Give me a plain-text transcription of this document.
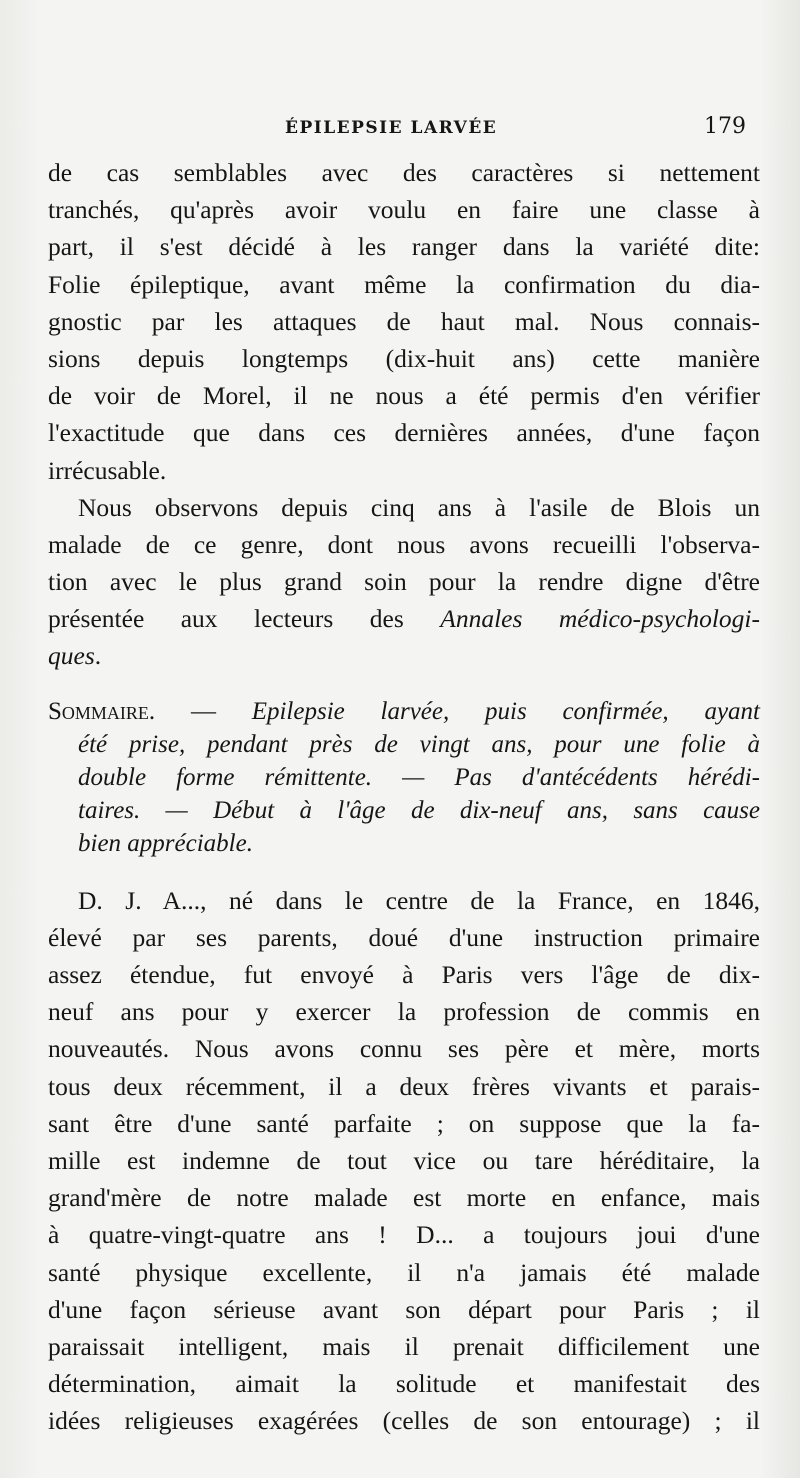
ÉPILEPSIE LARVÉE	179
de cas semblables avec des caractères si nettement
tranchés, qu'après avoir voulu en faire une classe à
part, il s'est décidé à les ranger dans la variété dite:
Folie épileptique, avant même la confirmation du dia-
gnostic par les attaques de haut mal. Nous connais-
sions depuis longtemps (dix-huit ans) cette manière
de voir de Morel, il ne nous a été permis d'en vérifier
l'exactitude que dans ces dernières années, d'une façon
irrécusable.
Nous observons depuis cinq ans à l'asile de Blois un
malade de ce genre, dont nous avons recueilli l'observa-
tion avec le plus grand soin pour la rendre digne d'être
présentée aux lecteurs des Annales médico-psychologi-
ques.
Sommaire. — Epilepsie larvée, puis confirmée, ayant
été prise, pendant près de vingt ans, pour une folie à
double forme rémittente. — Pas d'antécédents hérédi-
taires. — Début à l'âge de dix-neuf ans, sans cause
bien appréciable.
D. J. A..., né dans le centre de la France, en 1846,
élevé par ses parents, doué d'une instruction primaire
assez étendue, fut envoyé à Paris vers l'âge de dix-
neuf ans pour y exercer la profession de commis en
nouveautés. Nous avons connu ses père et mère, morts
tous deux récemment, il a deux frères vivants et parais-
sant être d'une santé parfaite ; on suppose que la fa-
mille est indemne de tout vice ou tare héréditaire, la
grand'mère de notre malade est morte en enfance, mais
à quatre-vingt-quatre ans ! D... a toujours joui d'une
santé physique excellente, il n'a jamais été malade
d'une façon sérieuse avant son départ pour Paris ; il
paraissait intelligent, mais il prenait difficilement une
détermination, aimait la solitude et manifestait des
idées religieuses exagérées (celles de son entourage) ; il
